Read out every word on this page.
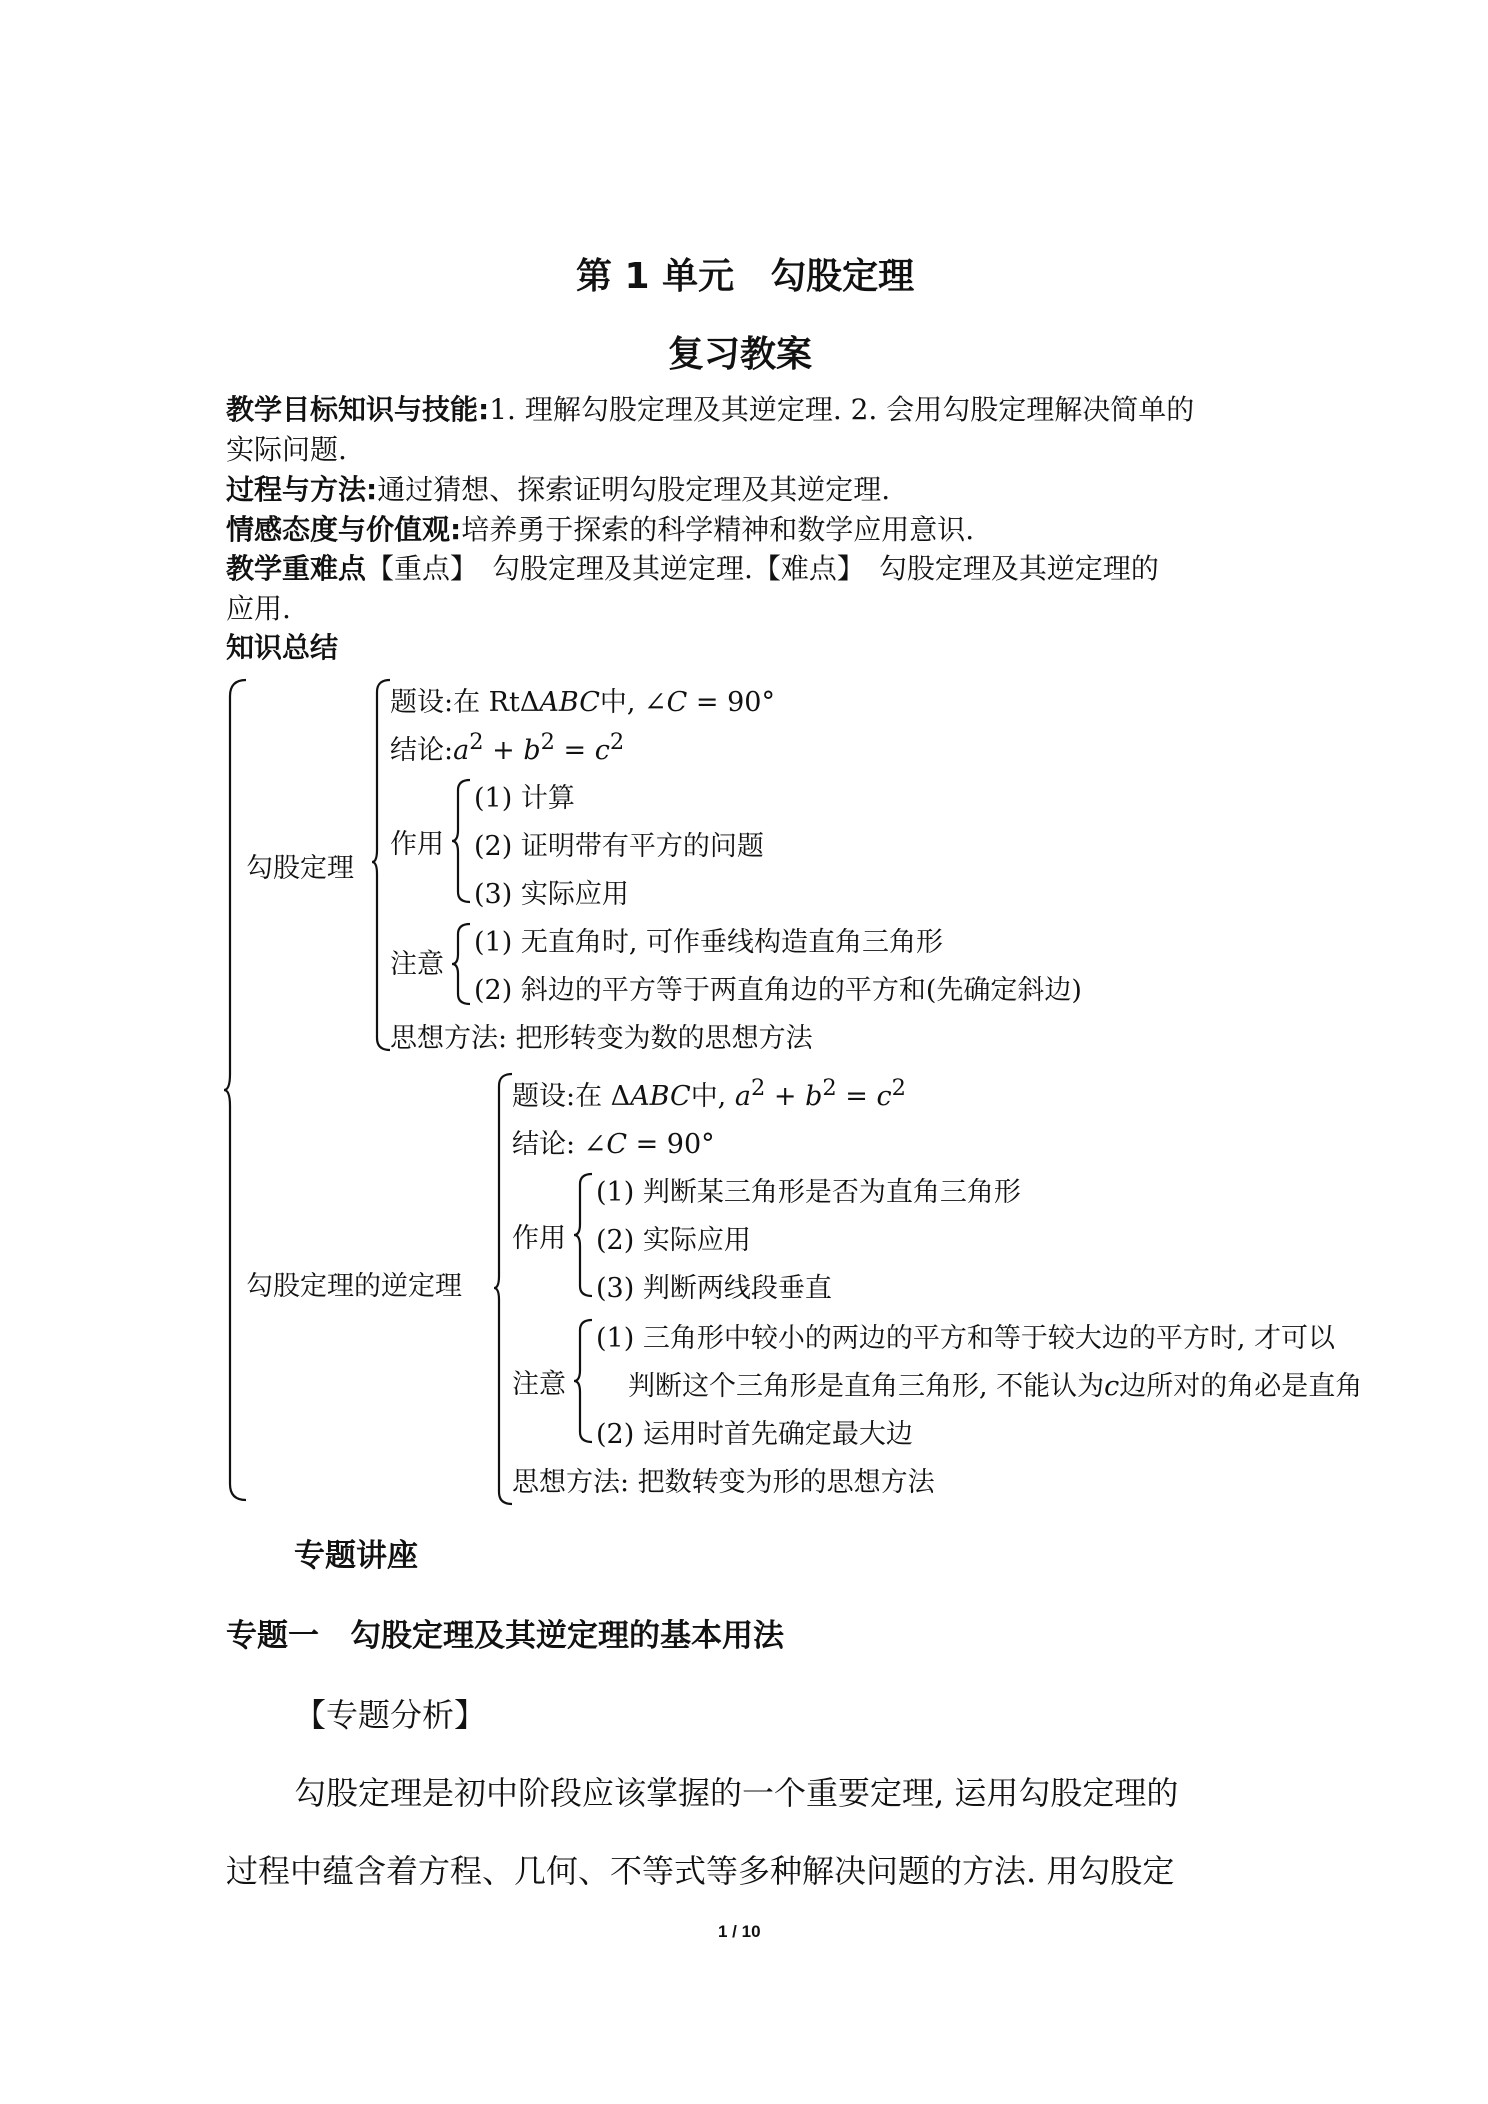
第 1 单元　勾股定理
复习教案
教学目标知识与技能:1. 理解勾股定理及其逆定理. 2. 会用勾股定理解决简单的
实际问题.
过程与方法:通过猜想、探索证明勾股定理及其逆定理.
情感态度与价值观:培养勇于探索的科学精神和数学应用意识.
教学重难点【重点】　勾股定理及其逆定理.【难点】　勾股定理及其逆定理的
应用.
知识总结
勾股定理
题设:在 RtΔABC中, ∠C = 90°
结论$:a^2 + b^2 = c^2$
作用
(1) 计算
(2) 证明带有平方的问题
(3) 实际应用
注意
(1) 无直角时, 可作垂线构造直角三角形
(2) 斜边的平方等于两直角边的平方和(先确定斜边)
思想方法: 把形转变为数的思想方法
勾股定理的逆定理
题设:在 ΔABC中, $a^2 + b^2 = c^2$
结论: ∠C = 90°
作用
(1) 判断某三角形是否为直角三角形
(2) 实际应用
(3) 判断两线段垂直
注意
(1) 三角形中较小的两边的平方和等于较大边的平方时, 才可以
判断这个三角形是直角三角形, 不能认为c边所对的角必是直角
(2) 运用时首先确定最大边
思想方法: 把数转变为形的思想方法
专题讲座
专题一　勾股定理及其逆定理的基本用法
【专题分析】
勾股定理是初中阶段应该掌握的一个重要定理, 运用勾股定理的
过程中蕴含着方程、几何、不等式等多种解决问题的方法. 用勾股定
1 / 10
